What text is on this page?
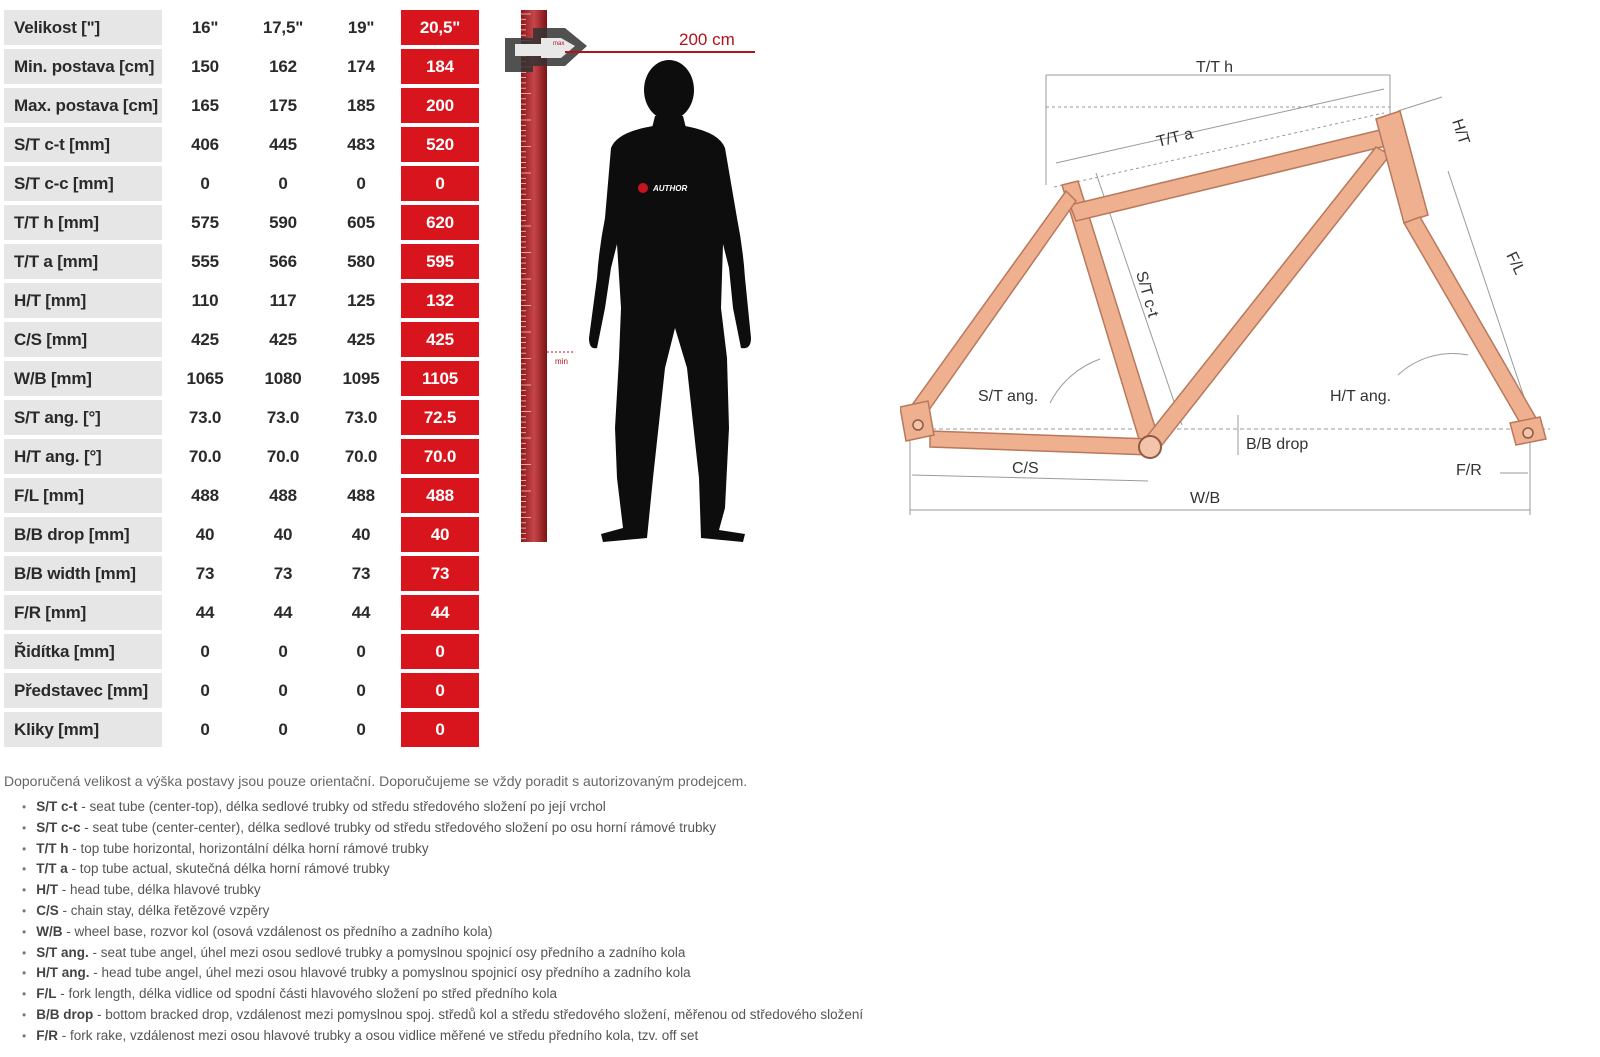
Velikost ["]		16"	17,5"	19"	20,5"
Min. postava [cm]		150	162	174	184
Max. postava [cm]		165	175	185	200
S/T c-t [mm]		406	445	483	520
S/T c-c [mm]		0	0	0	0
T/T h [mm]		575	590	605	620
T/T a [mm]		555	566	580	595
H/T [mm]		110	117	125	132
C/S [mm]		425	425	425	425
W/B [mm]		1065	1080	1095	1105
S/T ang. [°]		73.0	73.0	73.0	72.5
H/T ang. [°]		70.0	70.0	70.0	70.0
F/L [mm]		488	488	488	488
B/B drop [mm]		40	40	40	40
B/B width [mm]		73	73	73	73
F/R [mm]		44	44	44	44
Řidítka [mm]		0	0	0	0
Představec [mm]		0	0	0	0
Kliky [mm]		0	0	0	0
200 cm
max
min
AUTHOR
T/T h
T/T a	H/T
S/T c-t
F/L
S/T ang.	H/T ang.
B/B drop
C/S	F/R
W/B

Doporučená velikost a výška postavy jsou pouze orientační. Doporučujeme se vždy poradit s autorizovaným prodejcem.

• S/T c-t - seat tube (center-top), délka sedlové trubky od středu středového složení po její vrchol
• S/T c-c - seat tube (center-center), délka sedlové trubky od středu středového složení po osu horní rámové trubky
• T/T h - top tube horizontal, horizontální délka horní rámové trubky
• T/T a - top tube actual, skutečná délka horní rámové trubky
• H/T - head tube, délka hlavové trubky
• C/S - chain stay, délka řetězové vzpěry
• W/B - wheel base, rozvor kol (osová vzdálenost os předního a zadního kola)
• S/T ang. - seat tube angel, úhel mezi osou sedlové trubky a pomyslnou spojnicí osy předního a zadního kola
• H/T ang. - head tube angel, úhel mezi osou hlavové trubky a pomyslnou spojnicí osy předního a zadního kola
• F/L - fork length, délka vidlice od spodní části hlavového složení po střed předního kola
• B/B drop - bottom bracked drop, vzdálenost mezi pomyslnou spoj. středů kol a středu středového složení, měřenou od středového složení
• F/R - fork rake, vzdálenost mezi osou hlavové trubky a osou vidlice měřené ve středu předního kola, tzv. off set
